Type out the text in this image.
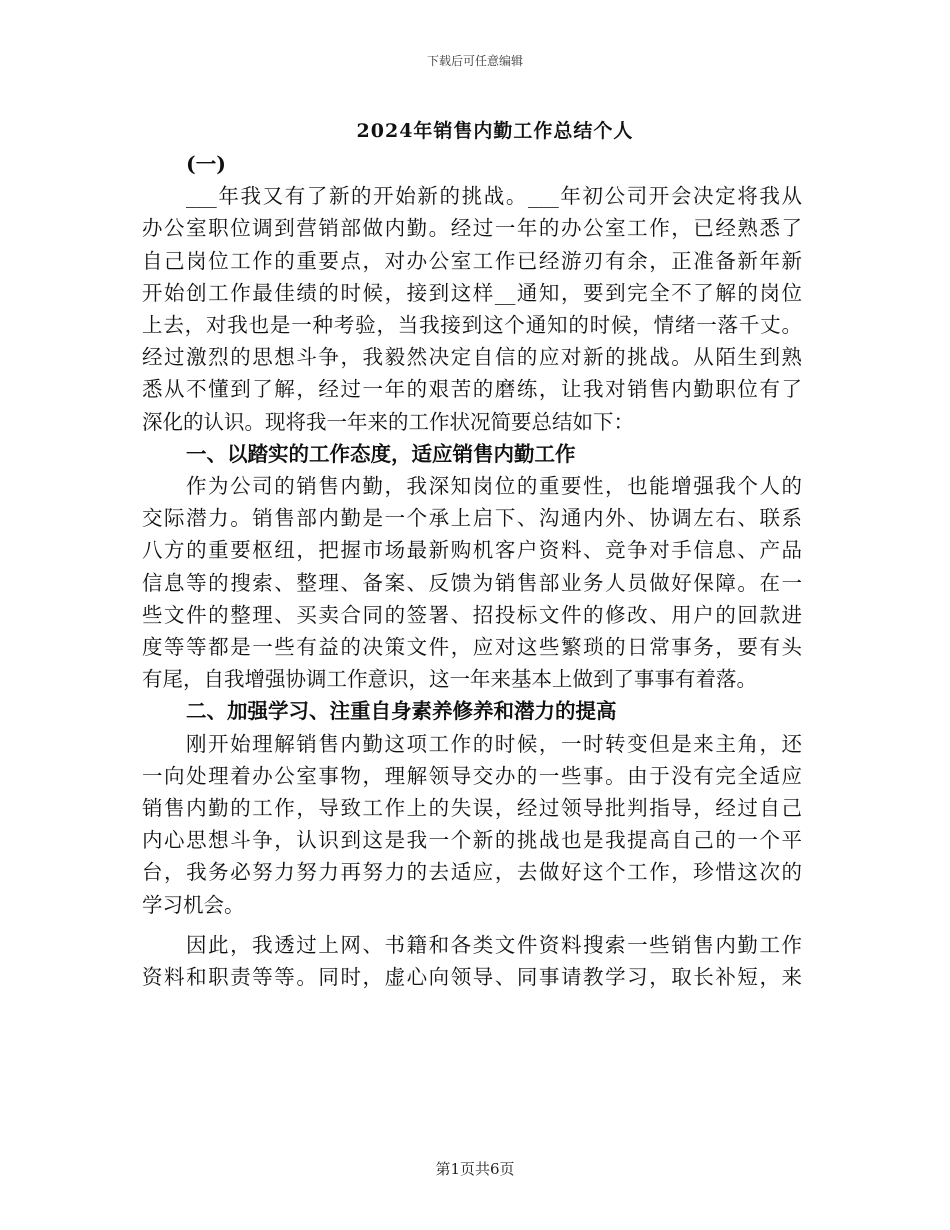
下载后可任意编辑
2024年销售内勤工作总结个人
(一)
___年我又有了新的开始新的挑战。___年初公司开会决定将我从
办公室职位调到营销部做内勤。经过一年的办公室工作，已经熟悉了
自己岗位工作的重要点，对办公室工作已经游刃有余，正准备新年新
开始创工作最佳绩的时候，接到这样__通知，要到完全不了解的岗位
上去，对我也是一种考验，当我接到这个通知的时候，情绪一落千丈。
经过激烈的思想斗争，我毅然决定自信的应对新的挑战。从陌生到熟
悉从不懂到了解，经过一年的艰苦的磨练，让我对销售内勤职位有了
深化的认识。现将我一年来的工作状况简要总结如下：
一、以踏实的工作态度，适应销售内勤工作
作为公司的销售内勤，我深知岗位的重要性，也能增强我个人的
交际潜力。销售部内勤是一个承上启下、沟通内外、协调左右、联系
八方的重要枢纽，把握市场最新购机客户资料、竞争对手信息、产品
信息等的搜索、整理、备案、反馈为销售部业务人员做好保障。在一
些文件的整理、买卖合同的签署、招投标文件的修改、用户的回款进
度等等都是一些有益的决策文件，应对这些繁琐的日常事务，要有头
有尾，自我增强协调工作意识，这一年来基本上做到了事事有着落。
二、加强学习、注重自身素养修养和潜力的提高
刚开始理解销售内勤这项工作的时候，一时转变但是来主角，还
一向处理着办公室事物，理解领导交办的一些事。由于没有完全适应
销售内勤的工作，导致工作上的失误，经过领导批判指导，经过自己
内心思想斗争，认识到这是我一个新的挑战也是我提高自己的一个平
台，我务必努力努力再努力的去适应，去做好这个工作，珍惜这次的
学习机会。
因此，我透过上网、书籍和各类文件资料搜索一些销售内勤工作
资料和职责等等。同时，虚心向领导、同事请教学习，取长补短，来
第1页共6页
